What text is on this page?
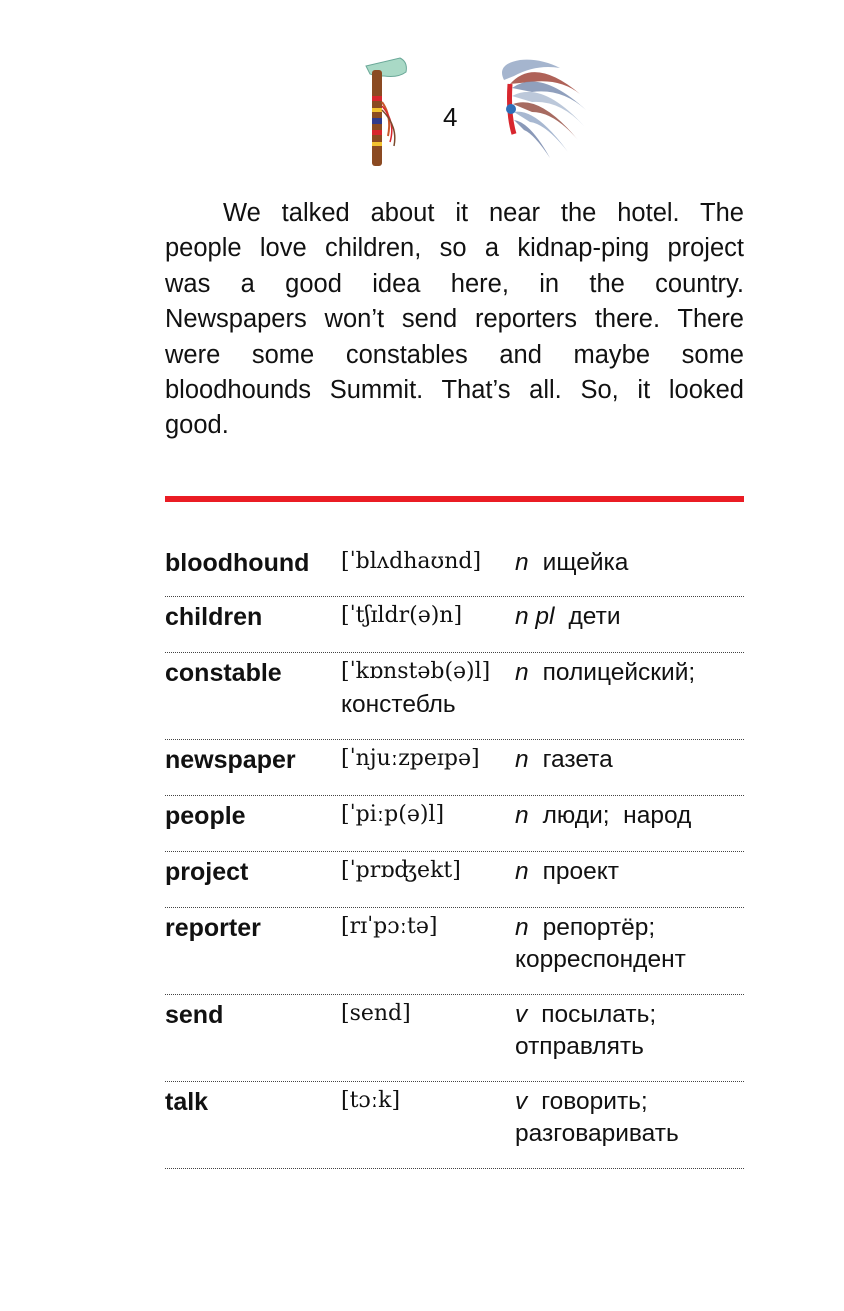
4

We talked about it near the hotel. The people love children, so a kidnap-ping project was a good idea here, in the country. Newspapers won’t send reporters there. There were some constables and maybe some bloodhounds Summit. That’s all. So, it looked good.

bloodhound [ˈblʌdhaʊnd] n ищейка
children	[ˈtʃɪldr(ə)n] n pl дети
constable	[ˈkɒnstəb(ə)l] n полицейский;
констебль
newspaper [ˈnjuːzpeɪpə] n газета
people	[ˈpiːp(ə)l]	n люди;  народ
project	[ˈprɒʤekt] n проект
reporter	[rɪˈpɔːtə]	n репортёр;
корреспондент
send	[send]	v посылать;
отправлять
talk	[tɔːk]	v говорить;
разговаривать
